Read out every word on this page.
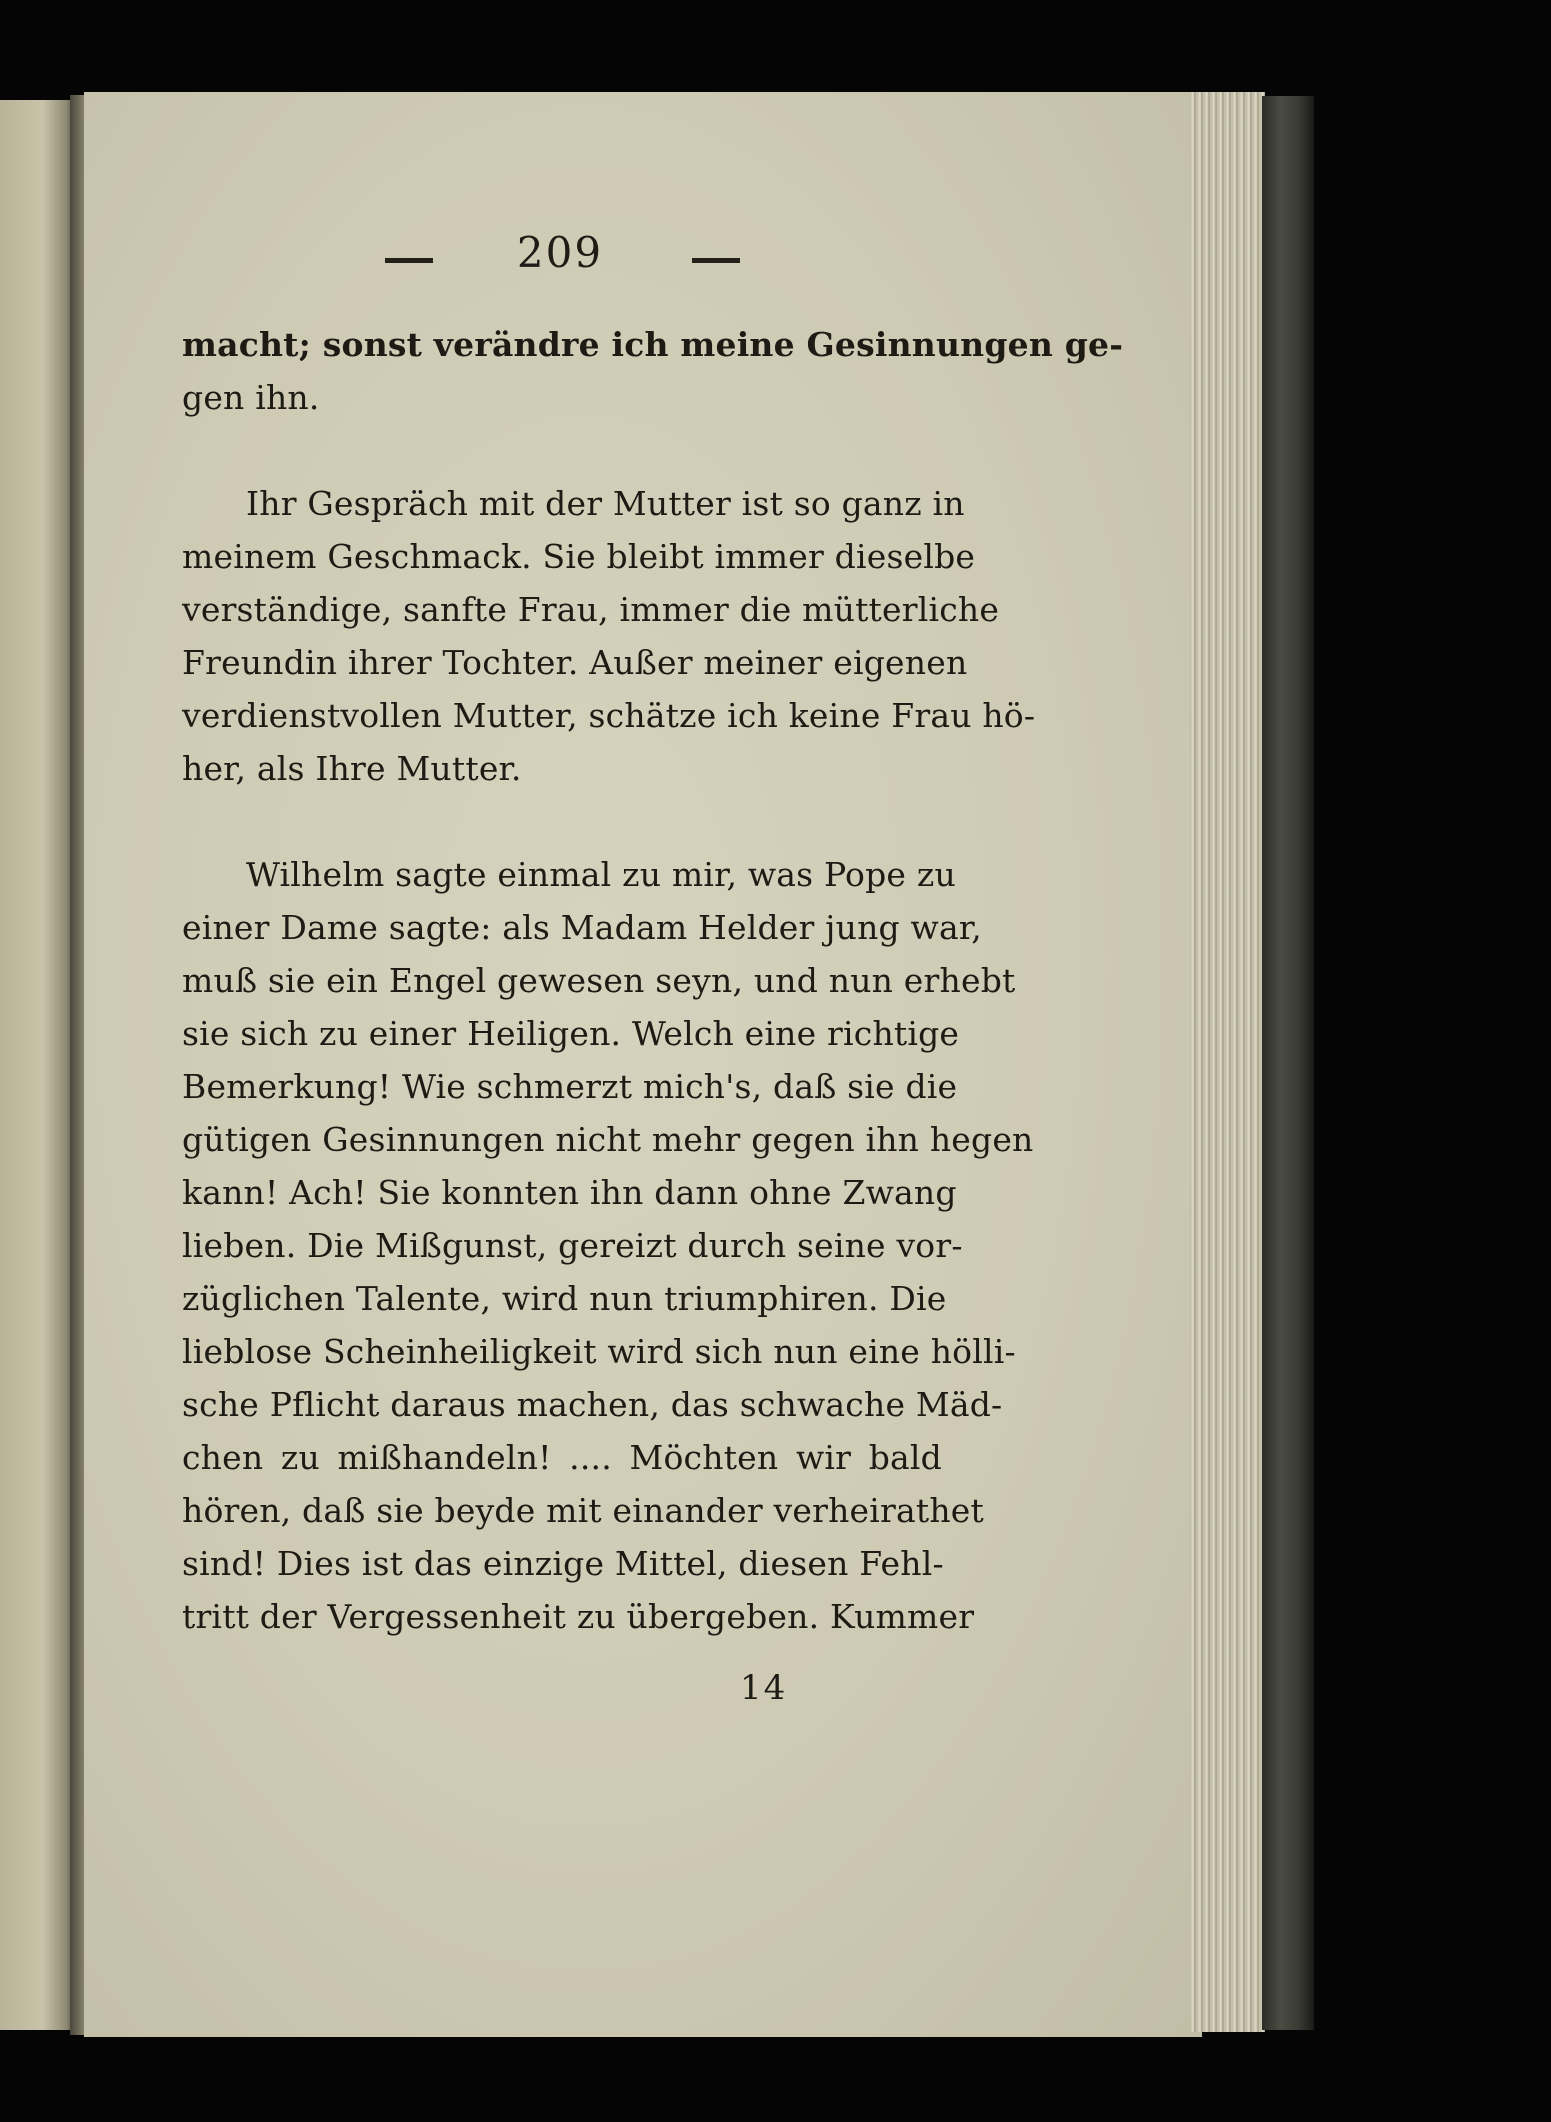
209
macht; sonst verändre ich meine Gesinnungen ge-
gen ihn.
Ihr Gespräch mit der Mutter ist so ganz in
meinem Geschmack. Sie bleibt immer dieselbe
verständige, sanfte Frau, immer die mütterliche
Freundin ihrer Tochter. Außer meiner eigenen
verdienstvollen Mutter, schätze ich keine Frau hö-
her, als Ihre Mutter.
Wilhelm sagte einmal zu mir, was Pope zu
einer Dame sagte: als Madam Helder jung war,
muß sie ein Engel gewesen seyn, und nun erhebt
sie sich zu einer Heiligen. Welch eine richtige
Bemerkung! Wie schmerzt mich's, daß sie die
gütigen Gesinnungen nicht mehr gegen ihn hegen
kann! Ach! Sie konnten ihn dann ohne Zwang
lieben. Die Mißgunst, gereizt durch seine vor-
züglichen Talente, wird nun triumphiren. Die
lieblose Scheinheiligkeit wird sich nun eine hölli-
sche Pflicht daraus machen, das schwache Mäd-
chen zu mißhandeln! .... Möchten wir bald
hören, daß sie beyde mit einander verheirathet
sind! Dies ist das einzige Mittel, diesen Fehl-
tritt der Vergessenheit zu übergeben. Kummer
14
